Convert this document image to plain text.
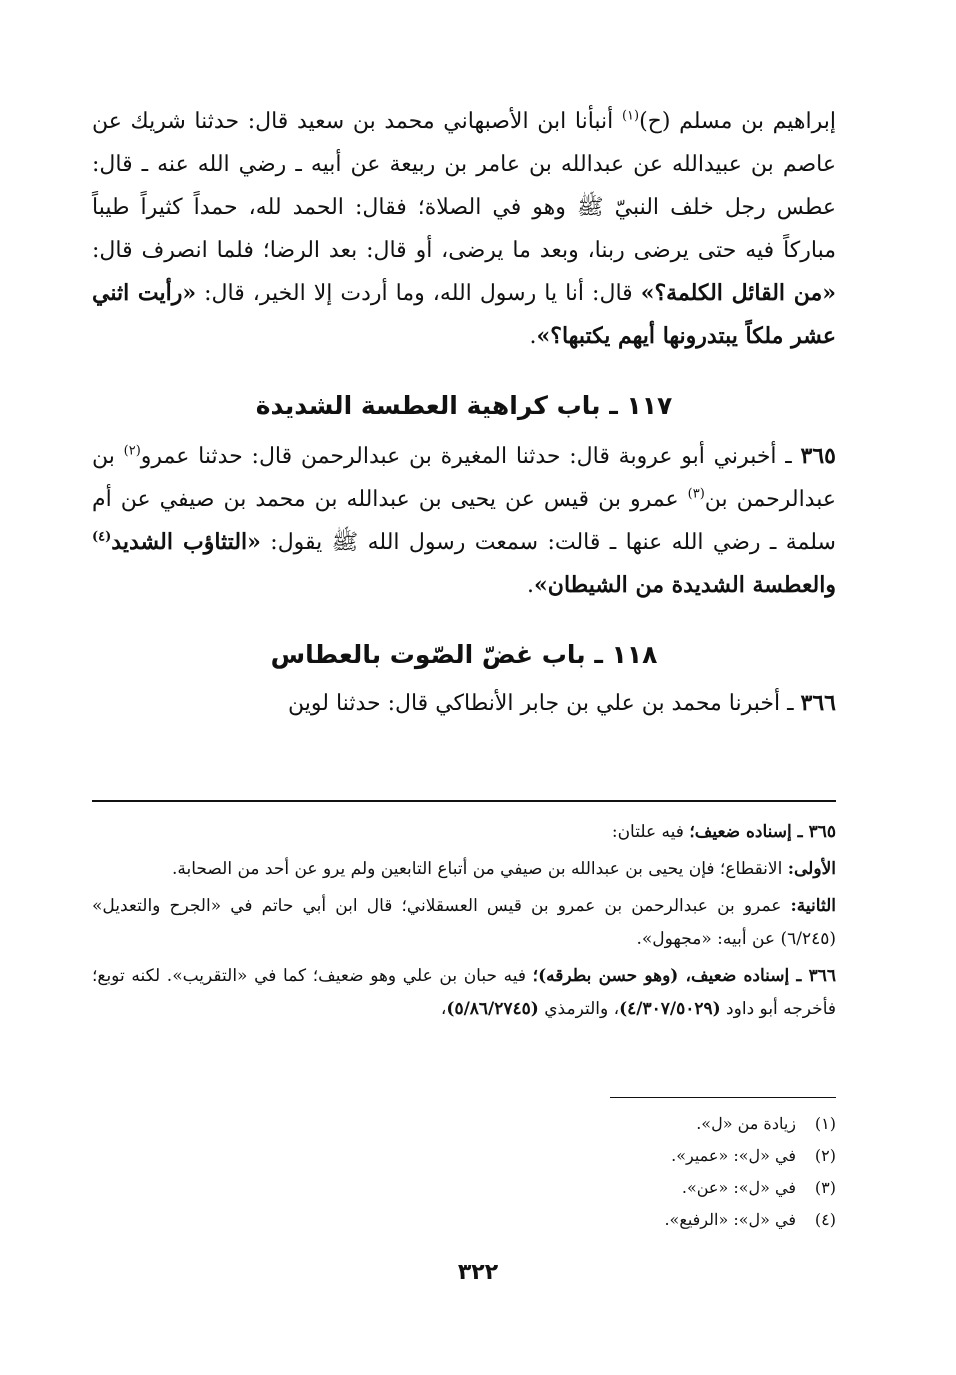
إبراهيم بن مسلم (ح)$^{(١)}$ أنبأنا ابن الأصبهاني محمد بن سعيد قال: حدثنا شريك عن عاصم بن عبيدالله عن عبدالله بن عامر بن ربيعة عن أبيه ـ رضي الله عنه ـ قال: عطس رجل خلف النبيّ ﷺ وهو في الصلاة؛ فقال: الحمد لله، حمداً كثيراً طيباً مباركاً فيه حتى يرضى ربنا، وبعد ما يرضى، أو قال: بعد الرضا؛ فلما انصرف قال: «من القائل الكلمة؟» قال: أنا يا رسول الله، وما أردت إلا الخير، قال: «رأيت اثني عشر ملكاً يبتدرونها أيهم يكتبها؟».

١١٧ ـ باب كراهية العطسة الشديدة

٣٦٥ ـ أخبرني أبو عروبة قال: حدثنا المغيرة بن عبدالرحمن قال: حدثنا عمرو$^{(٢)}$ بن عبدالرحمن بن$^{(٣)}$ عمرو بن قيس عن يحيى بن عبدالله بن محمد بن صيفي عن أم سلمة ـ رضي الله عنها ـ قالت: سمعت رسول الله ﷺ يقول: «التثاؤب الشديد$^{(٤)}$ والعطسة الشديدة من الشيطان».

١١٨ ـ باب غضّ الصّوت بالعطاس

٣٦٦ ـ أخبرنا محمد بن علي بن جابر الأنطاكي قال: حدثنا لوين

٣٦٥ ـ إسناده ضعيف؛ فيه علتان:

الأولى: الانقطاع؛ فإن يحيى بن عبدالله بن صيفي من أتباع التابعين ولم يرو عن أحد من الصحابة.

الثانية: عمرو بن عبدالرحمن بن عمرو بن قيس العسقلاني؛ قال ابن أبي حاتم في «الجرح والتعديل» (٦/٢٤٥) عن أبيه: «مجهول».

٣٦٦ ـ إسناده ضعيف، (وهو حسن بطرقه)؛ فيه حبان بن علي وهو ضعيف؛ كما في «التقريب». لكنه توبع؛ فأخرجه أبو داود (٤/٣٠٧/٥٠٢٩)، والترمذي (٥/٨٦/٢٧٤٥)،

(١)
زيادة من «ل».
(٢)
في «ل»: «عمير».
(٣)
في «ل»: «عن».
(٤)
في «ل»: «الرفيع».
٣٢٢
